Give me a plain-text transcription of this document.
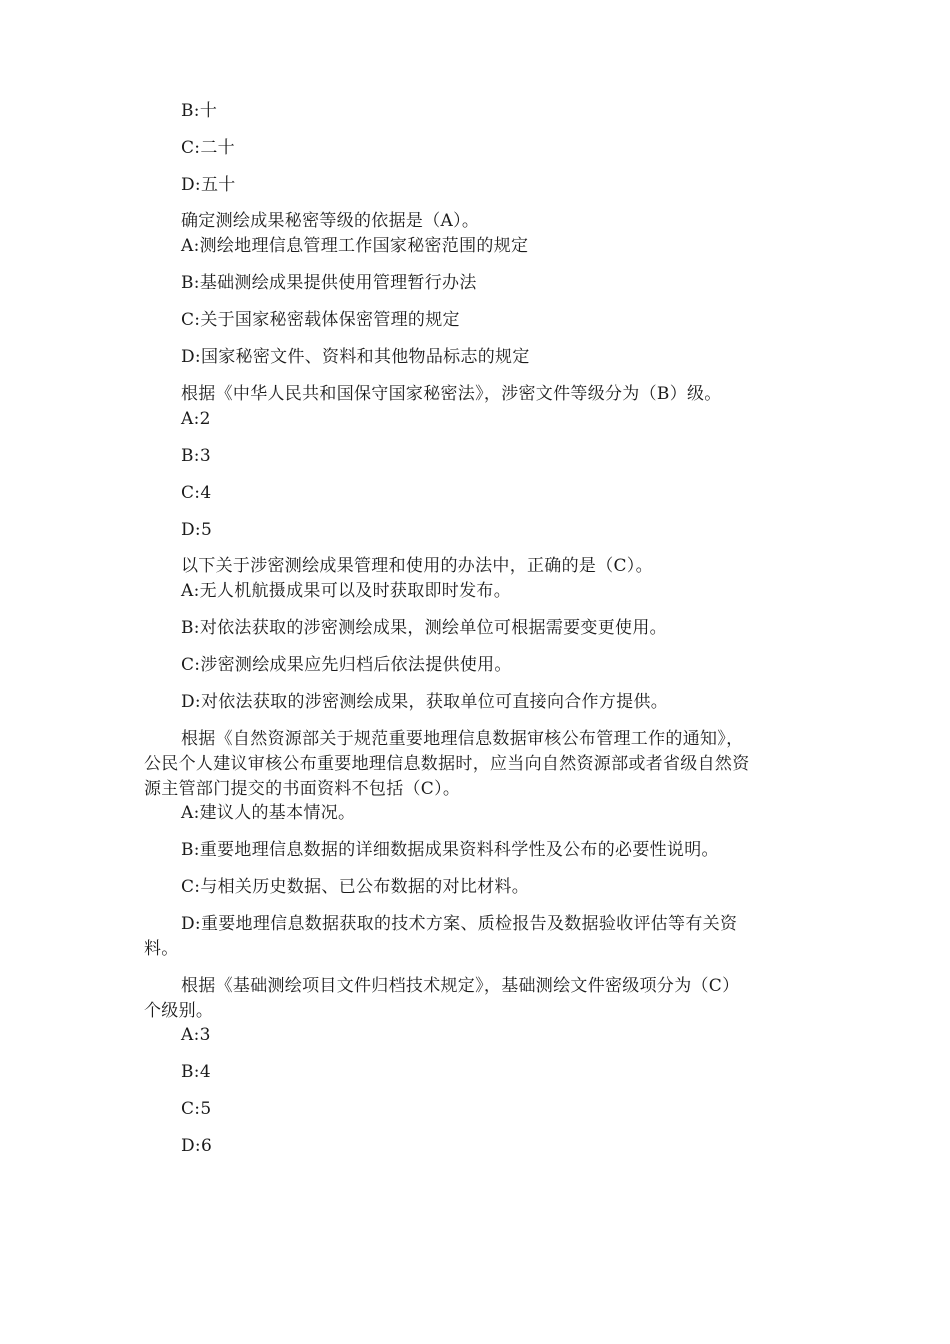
B:十
C:二十
D:五十
确定测绘成果秘密等级的依据是（A）。
A:测绘地理信息管理工作国家秘密范围的规定
B:基础测绘成果提供使用管理暂行办法
C:关于国家秘密载体保密管理的规定
D:国家秘密文件、资料和其他物品标志的规定
根据《中华人民共和国保守国家秘密法》，涉密文件等级分为（B）级。
A:2
B:3
C:4
D:5
以下关于涉密测绘成果管理和使用的办法中，正确的是（C）。
A:无人机航摄成果可以及时获取即时发布。
B:对依法获取的涉密测绘成果，测绘单位可根据需要变更使用。
C:涉密测绘成果应先归档后依法提供使用。
D:对依法获取的涉密测绘成果，获取单位可直接向合作方提供。
根据《自然资源部关于规范重要地理信息数据审核公布管理工作的通知》，
公民个人建议审核公布重要地理信息数据时，应当向自然资源部或者省级自然资
源主管部门提交的书面资料不包括（C）。
A:建议人的基本情况。
B:重要地理信息数据的详细数据成果资料科学性及公布的必要性说明。
C:与相关历史数据、已公布数据的对比材料。
D:重要地理信息数据获取的技术方案、质检报告及数据验收评估等有关资
料。
根据《基础测绘项目文件归档技术规定》，基础测绘文件密级项分为（C）
个级别。
A:3
B:4
C:5
D:6
